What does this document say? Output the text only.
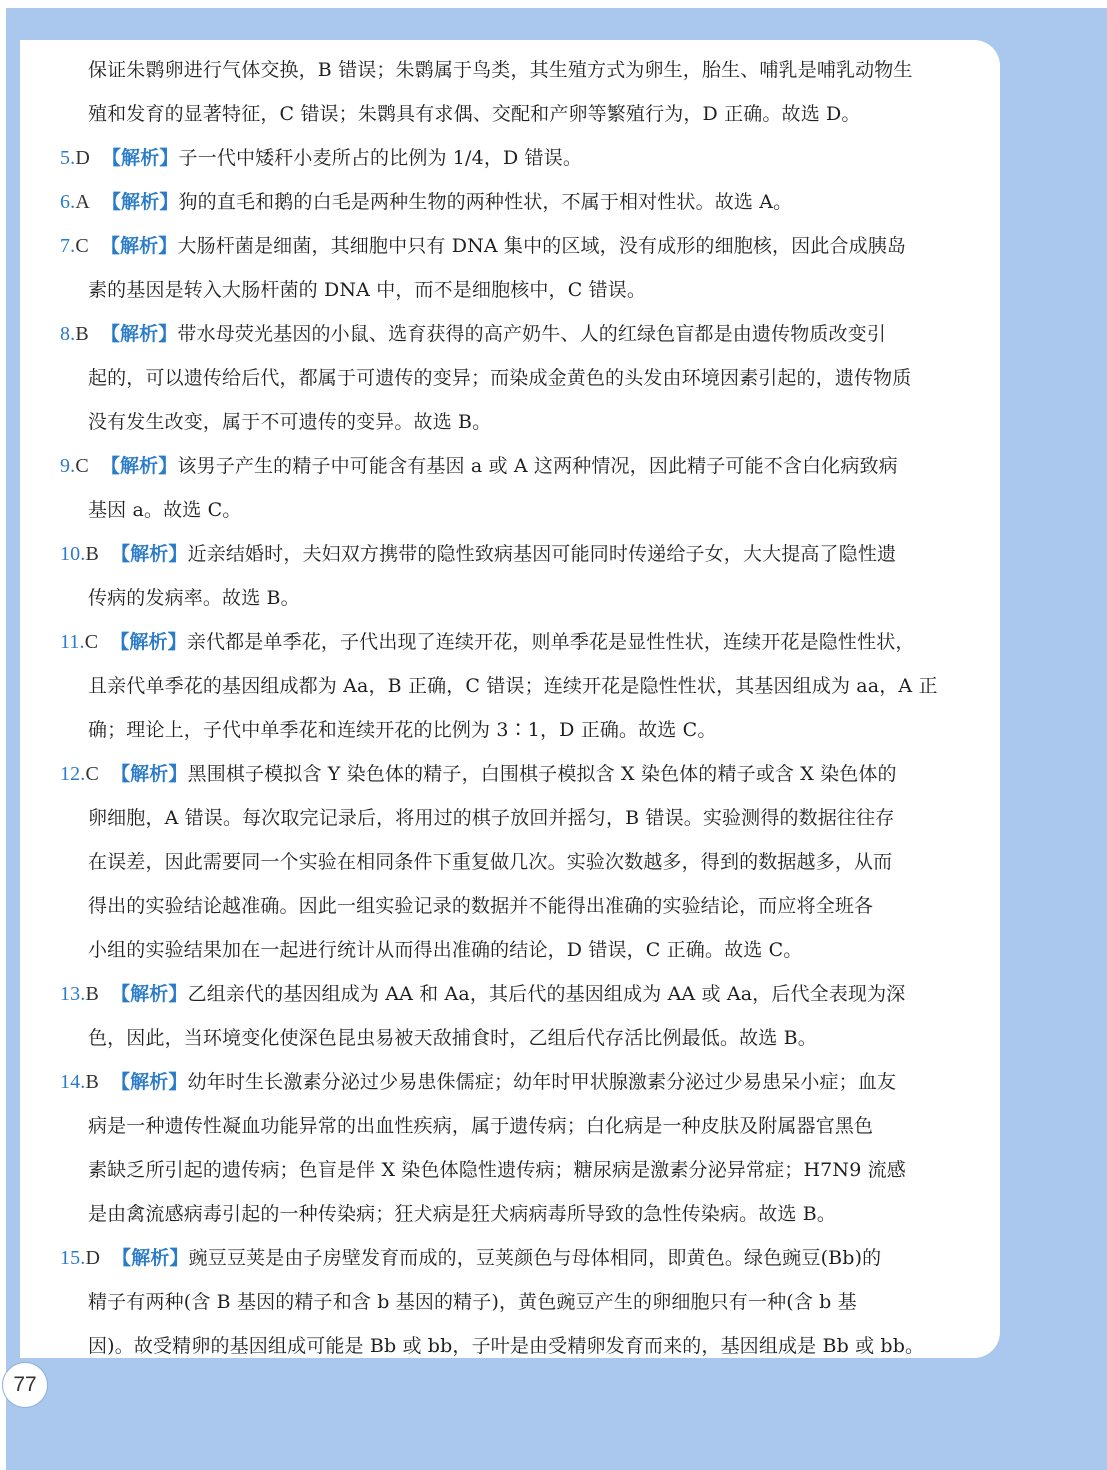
保证朱鹮卵进行气体交换，B 错误；朱鹮属于鸟类，其生殖方式为卵生，胎生、哺乳是哺乳动物生
殖和发育的显著特征，C 错误；朱鹮具有求偶、交配和产卵等繁殖行为，D 正确。故选 D。
5.D 【解析】子一代中矮秆小麦所占的比例为 1/4，D 错误。
6.A 【解析】狗的直毛和鹅的白毛是两种生物的两种性状，不属于相对性状。故选 A。
7.C 【解析】大肠杆菌是细菌，其细胞中只有 DNA 集中的区域，没有成形的细胞核，因此合成胰岛
素的基因是转入大肠杆菌的 DNA 中，而不是细胞核中，C 错误。
8.B 【解析】带水母荧光基因的小鼠、选育获得的高产奶牛、人的红绿色盲都是由遗传物质改变引
起的，可以遗传给后代，都属于可遗传的变异；而染成金黄色的头发由环境因素引起的，遗传物质
没有发生改变，属于不可遗传的变异。故选 B。
9.C 【解析】该男子产生的精子中可能含有基因 a 或 A 这两种情况，因此精子可能不含白化病致病
基因 a。故选 C。
10.B 【解析】近亲结婚时，夫妇双方携带的隐性致病基因可能同时传递给子女，大大提高了隐性遗
传病的发病率。故选 B。
11.C 【解析】亲代都是单季花，子代出现了连续开花，则单季花是显性性状，连续开花是隐性性状，
且亲代单季花的基因组成都为 Aa，B 正确，C 错误；连续开花是隐性性状，其基因组成为 aa，A 正
确；理论上，子代中单季花和连续开花的比例为 3∶1，D 正确。故选 C。
12.C 【解析】黑围棋子模拟含 Y 染色体的精子，白围棋子模拟含 X 染色体的精子或含 X 染色体的
卵细胞，A 错误。每次取完记录后，将用过的棋子放回并摇匀，B 错误。实验测得的数据往往存
在误差，因此需要同一个实验在相同条件下重复做几次。实验次数越多，得到的数据越多，从而
得出的实验结论越准确。因此一组实验记录的数据并不能得出准确的实验结论，而应将全班各
小组的实验结果加在一起进行统计从而得出准确的结论，D 错误，C 正确。故选 C。
13.B 【解析】乙组亲代的基因组成为 AA 和 Aa，其后代的基因组成为 AA 或 Aa，后代全表现为深
色，因此，当环境变化使深色昆虫易被天敌捕食时，乙组后代存活比例最低。故选 B。
14.B 【解析】幼年时生长激素分泌过少易患侏儒症；幼年时甲状腺激素分泌过少易患呆小症；血友
病是一种遗传性凝血功能异常的出血性疾病，属于遗传病；白化病是一种皮肤及附属器官黑色
素缺乏所引起的遗传病；色盲是伴 X 染色体隐性遗传病；糖尿病是激素分泌异常症；H7N9 流感
是由禽流感病毒引起的一种传染病；狂犬病是狂犬病病毒所导致的急性传染病。故选 B。
15.D 【解析】豌豆豆荚是由子房壁发育而成的，豆荚颜色与母体相同，即黄色。绿色豌豆(Bb)的
精子有两种(含 B 基因的精子和含 b 基因的精子)，黄色豌豆产生的卵细胞只有一种(含 b 基
因)。故受精卵的基因组成可能是 Bb 或 bb，子叶是由受精卵发育而来的，基因组成是 Bb 或 bb。
77
